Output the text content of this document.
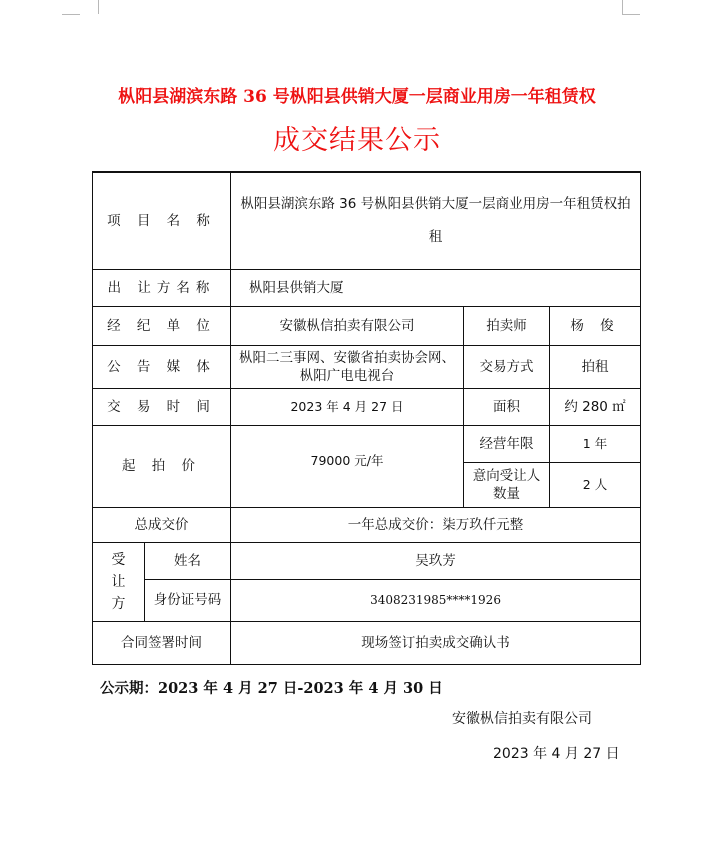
枞阳县湖滨东路 36 号枞阳县供销大厦一层商业用房一年租赁权
成交结果公示
项 目 名 称		枞阳县湖滨东路 36 号枞阳县供销大厦一层商业用房一年租赁权拍租		
出 让方名称		枞阳县供销大厦		
经 纪 单 位		安徽枞信拍卖有限公司	拍卖师	杨 俊
公 告 媒 体		枞阳二三事网、安徽省拍卖协会网、枞阳广电电视台	交易方式	拍租
交 易 时 间		2023 年 4 月 27 日	面积	约 280 ㎡
起 拍 价		79000 元/年	经营年限	1 年
			意向受让人数量	2 人
总成交价		一年总成交价：柒万玖仟元整		
受让方	姓名	吴玖芳		
	身份证号码	3408231985****1926		
合同签署时间		现场签订拍卖成交确认书		
公示期：2023 年 4 月 27 日-2023 年 4 月 30 日
安徽枞信拍卖有限公司
2023 年 4 月 27 日
